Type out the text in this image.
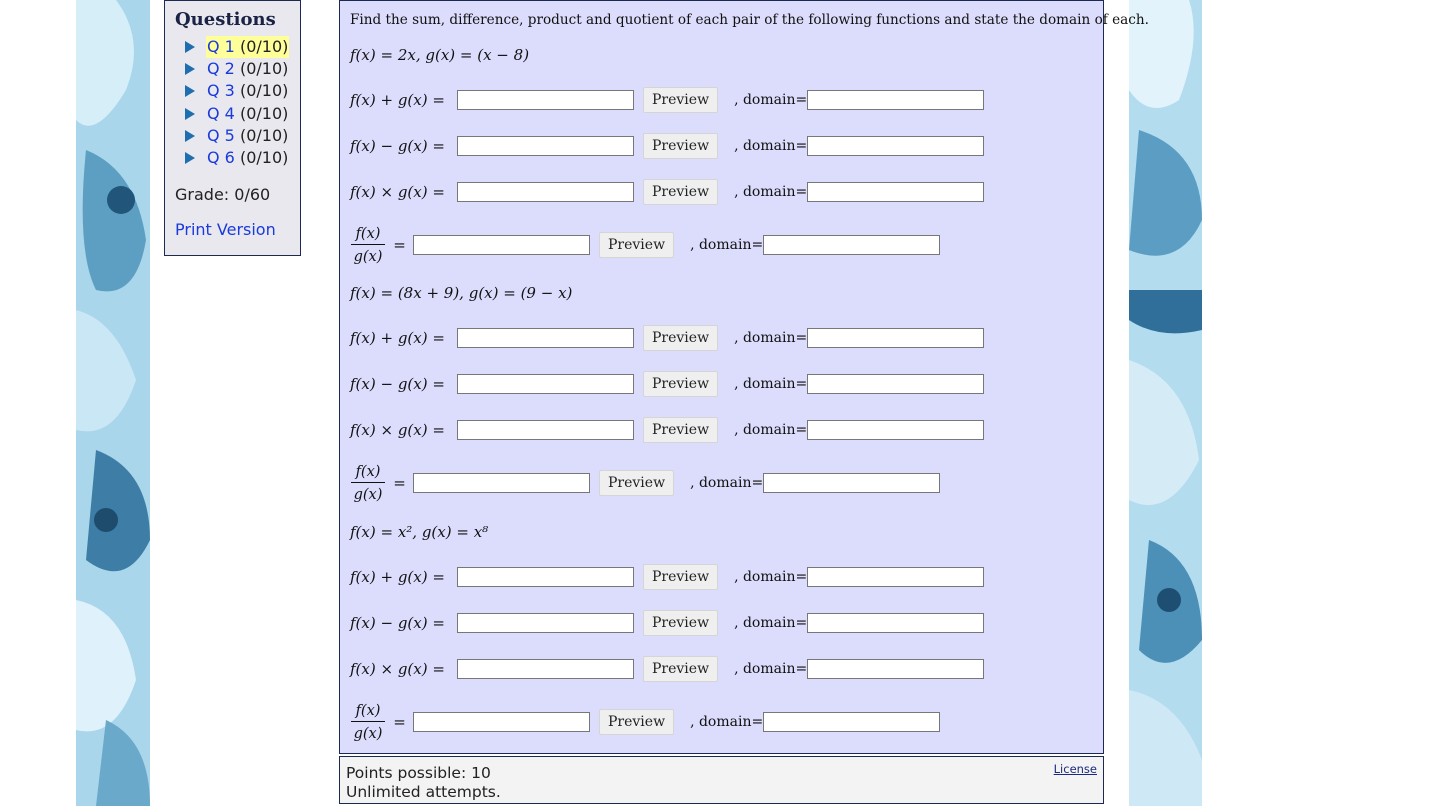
Questions
Q 1 (0/10)
Q 2 (0/10)
Q 3 (0/10)
Q 4 (0/10)
Q 5 (0/10)
Q 6 (0/10)
Grade: 0/60
Print Version
Find the sum, difference, product and quotient of each pair of the following functions and state the domain of each.
f(x) = 2x, g(x) = (x − 8)
f(x) + g(x) =	Preview	, domain=
f(x) − g(x) =	Preview	, domain=
f(x) × g(x) =	Preview	, domain=
$\frac{f(x)}{g(x)}$ =	Preview	, domain=
f(x) = (8x + 9), g(x) = (9 − x)
f(x) + g(x) =	Preview	, domain=
f(x) − g(x) =	Preview	, domain=
f(x) × g(x) =	Preview	, domain=
$\frac{f(x)}{g(x)}$ =	Preview	, domain=
f(x) = x², g(x) = x⁸
f(x) + g(x) =	Preview	, domain=
f(x) − g(x) =	Preview	, domain=
f(x) × g(x) =	Preview	, domain=
$\frac{f(x)}{g(x)}$ =	Preview	, domain=
Points possible: 10
Unlimited attempts.
License
